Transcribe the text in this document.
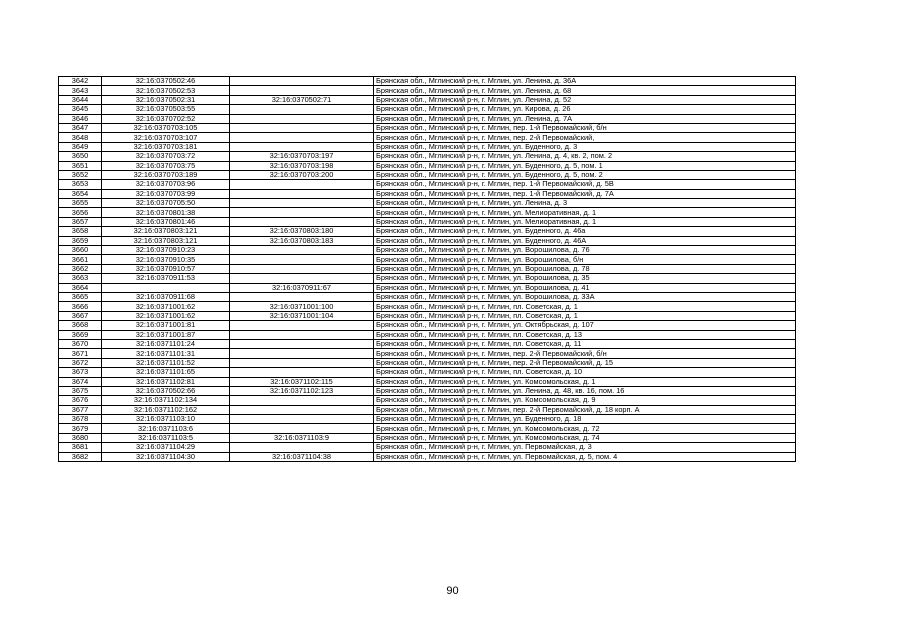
3642	32:16:0370502:46		Брянская обл., Мглинский р-н, г. Мглин, ул. Ленина, д. 36А
3643	32:16:0370502:53		Брянская обл., Мглинский р-н, г. Мглин, ул. Ленина, д. 68
3644	32:16:0370502:31	32:16:0370502:71	Брянская обл., Мглинский р-н, г. Мглин, ул. Ленина, д. 52
3645	32:16:0370503:55		Брянская обл., Мглинский р-н, г. Мглин, ул. Кирова, д. 26
3646	32:16:0370702:52		Брянская обл., Мглинский р-н, г. Мглин, ул. Ленина, д. 7А
3647	32:16:0370703:105		Брянская обл., Мглинский р-н, г. Мглин, пер. 1-й Первомайский, б/н
3648	32:16:0370703:107		Брянская обл., Мглинский р-н, г. Мглин, пер. 2-й Первомайский,
3649	32:16:0370703:181		Брянская обл., Мглинский р-н, г. Мглин, ул. Буденного, д. 3
3650	32:16:0370703:72	32:16:0370703:197	Брянская обл., Мглинский р-н, г. Мглин, ул. Ленина, д. 4, кв. 2, пом. 2
3651	32:16:0370703:75	32:16:0370703:198	Брянская обл., Мглинский р-н, г. Мглин, ул. Буденного, д. 5, пом. 1
3652	32:16:0370703:189	32:16:0370703:200	Брянская обл., Мглинский р-н, г. Мглин, ул. Буденного, д. 5, пом. 2
3653	32:16:0370703:96		Брянская обл., Мглинский р-н, г. Мглин, пер. 1-й Первомайский, д. 5В
3654	32:16:0370703:99		Брянская обл., Мглинский р-н, г. Мглин, пер. 1-й Первомайский, д. 7А
3655	32:16:0370705:50		Брянская обл., Мглинский р-н, г. Мглин, ул. Ленина, д. 3
3656	32:16:0370801:38		Брянская обл., Мглинский р-н, г. Мглин, ул. Мелиоративная, д. 1
3657	32:16:0370801:46		Брянская обл., Мглинский р-н, г. Мглин, ул. Мелиоративная, д. 1
3658	32:16:0370803:121	32:16:0370803:180	Брянская обл., Мглинский р-н, г. Мглин, ул. Буденного, д. 46а
3659	32:16:0370803:121	32:16:0370803:183	Брянская обл., Мглинский р-н, г. Мглин, ул. Буденного, д. 46А
3660	32:16:0370910:23		Брянская обл., Мглинский р-н, г. Мглин, ул. Ворошилова, д. 76
3661	32:16:0370910:35		Брянская обл., Мглинский р-н, г. Мглин, ул. Ворошилова, б/н
3662	32:16:0370910:57		Брянская обл., Мглинский р-н, г. Мглин, ул. Ворошилова, д. 78
3663	32:16:0370911:53		Брянская обл., Мглинский р-н, г. Мглин, ул. Ворошилова, д. 35
3664		32:16:0370911:67	Брянская обл., Мглинский р-н, г. Мглин, ул. Ворошилова, д. 41
3665	32:16:0370911:68		Брянская обл., Мглинский р-н, г. Мглин, ул. Ворошилова, д. 33А
3666	32:16:0371001:62	32:16:0371001:100	Брянская обл., Мглинский р-н, г. Мглин, пл. Советская, д. 1
3667	32:16:0371001:62	32:16:0371001:104	Брянская обл., Мглинский р-н, г. Мглин, пл. Советская, д. 1
3668	32:16:0371001:81		Брянская обл., Мглинский р-н, г. Мглин, ул. Октябрьская, д. 107
3669	32:16:0371001:87		Брянская обл., Мглинский р-н, г. Мглин, пл. Советская, д. 13
3670	32:16:0371101:24		Брянская обл., Мглинский р-н, г. Мглин, пл. Советская, д. 11
3671	32:16:0371101:31		Брянская обл., Мглинский р-н, г. Мглин, пер. 2-й Первомайский, б/н
3672	32:16:0371101:52		Брянская обл., Мглинский р-н, г. Мглин, пер. 2-й Первомайский, д. 15
3673	32:16:0371101:65		Брянская обл., Мглинский р-н, г. Мглин, пл. Советская, д. 10
3674	32:16:0371102:81	32:16:0371102:115	Брянская обл., Мглинский р-н, г. Мглин, ул. Комсомольская, д. 1
3675	32:16:0370502:66	32:16:0371102:123	Брянская обл., Мглинский р-н, г. Мглин, ул. Ленина, д. 48, кв. 16, пом. 16
3676	32:16:0371102:134		Брянская обл., Мглинский р-н, г. Мглин, ул. Комсомольская, д. 9
3677	32:16:0371102:162		Брянская обл., Мглинский р-н, г. Мглин, пер. 2-й Первомайский, д. 18 корп. А
3678	32:16:0371103:10		Брянская обл., Мглинский р-н, г. Мглин, ул. Буденного, д. 18
3679	32:16:0371103:6		Брянская обл., Мглинский р-н, г. Мглин, ул. Комсомольская, д. 72
3680	32:16:0371103:5	32:16:0371103:9	Брянская обл., Мглинский р-н, г. Мглин, ул. Комсомольская, д. 74
3681	32:16:0371104:29		Брянская обл., Мглинский р-н, г. Мглин, ул. Первомайская, д. 3
3682	32:16:0371104:30	32:16:0371104:38	Брянская обл., Мглинский р-н, г. Мглин, ул. Первомайская, д. 5, пом. 4
90
